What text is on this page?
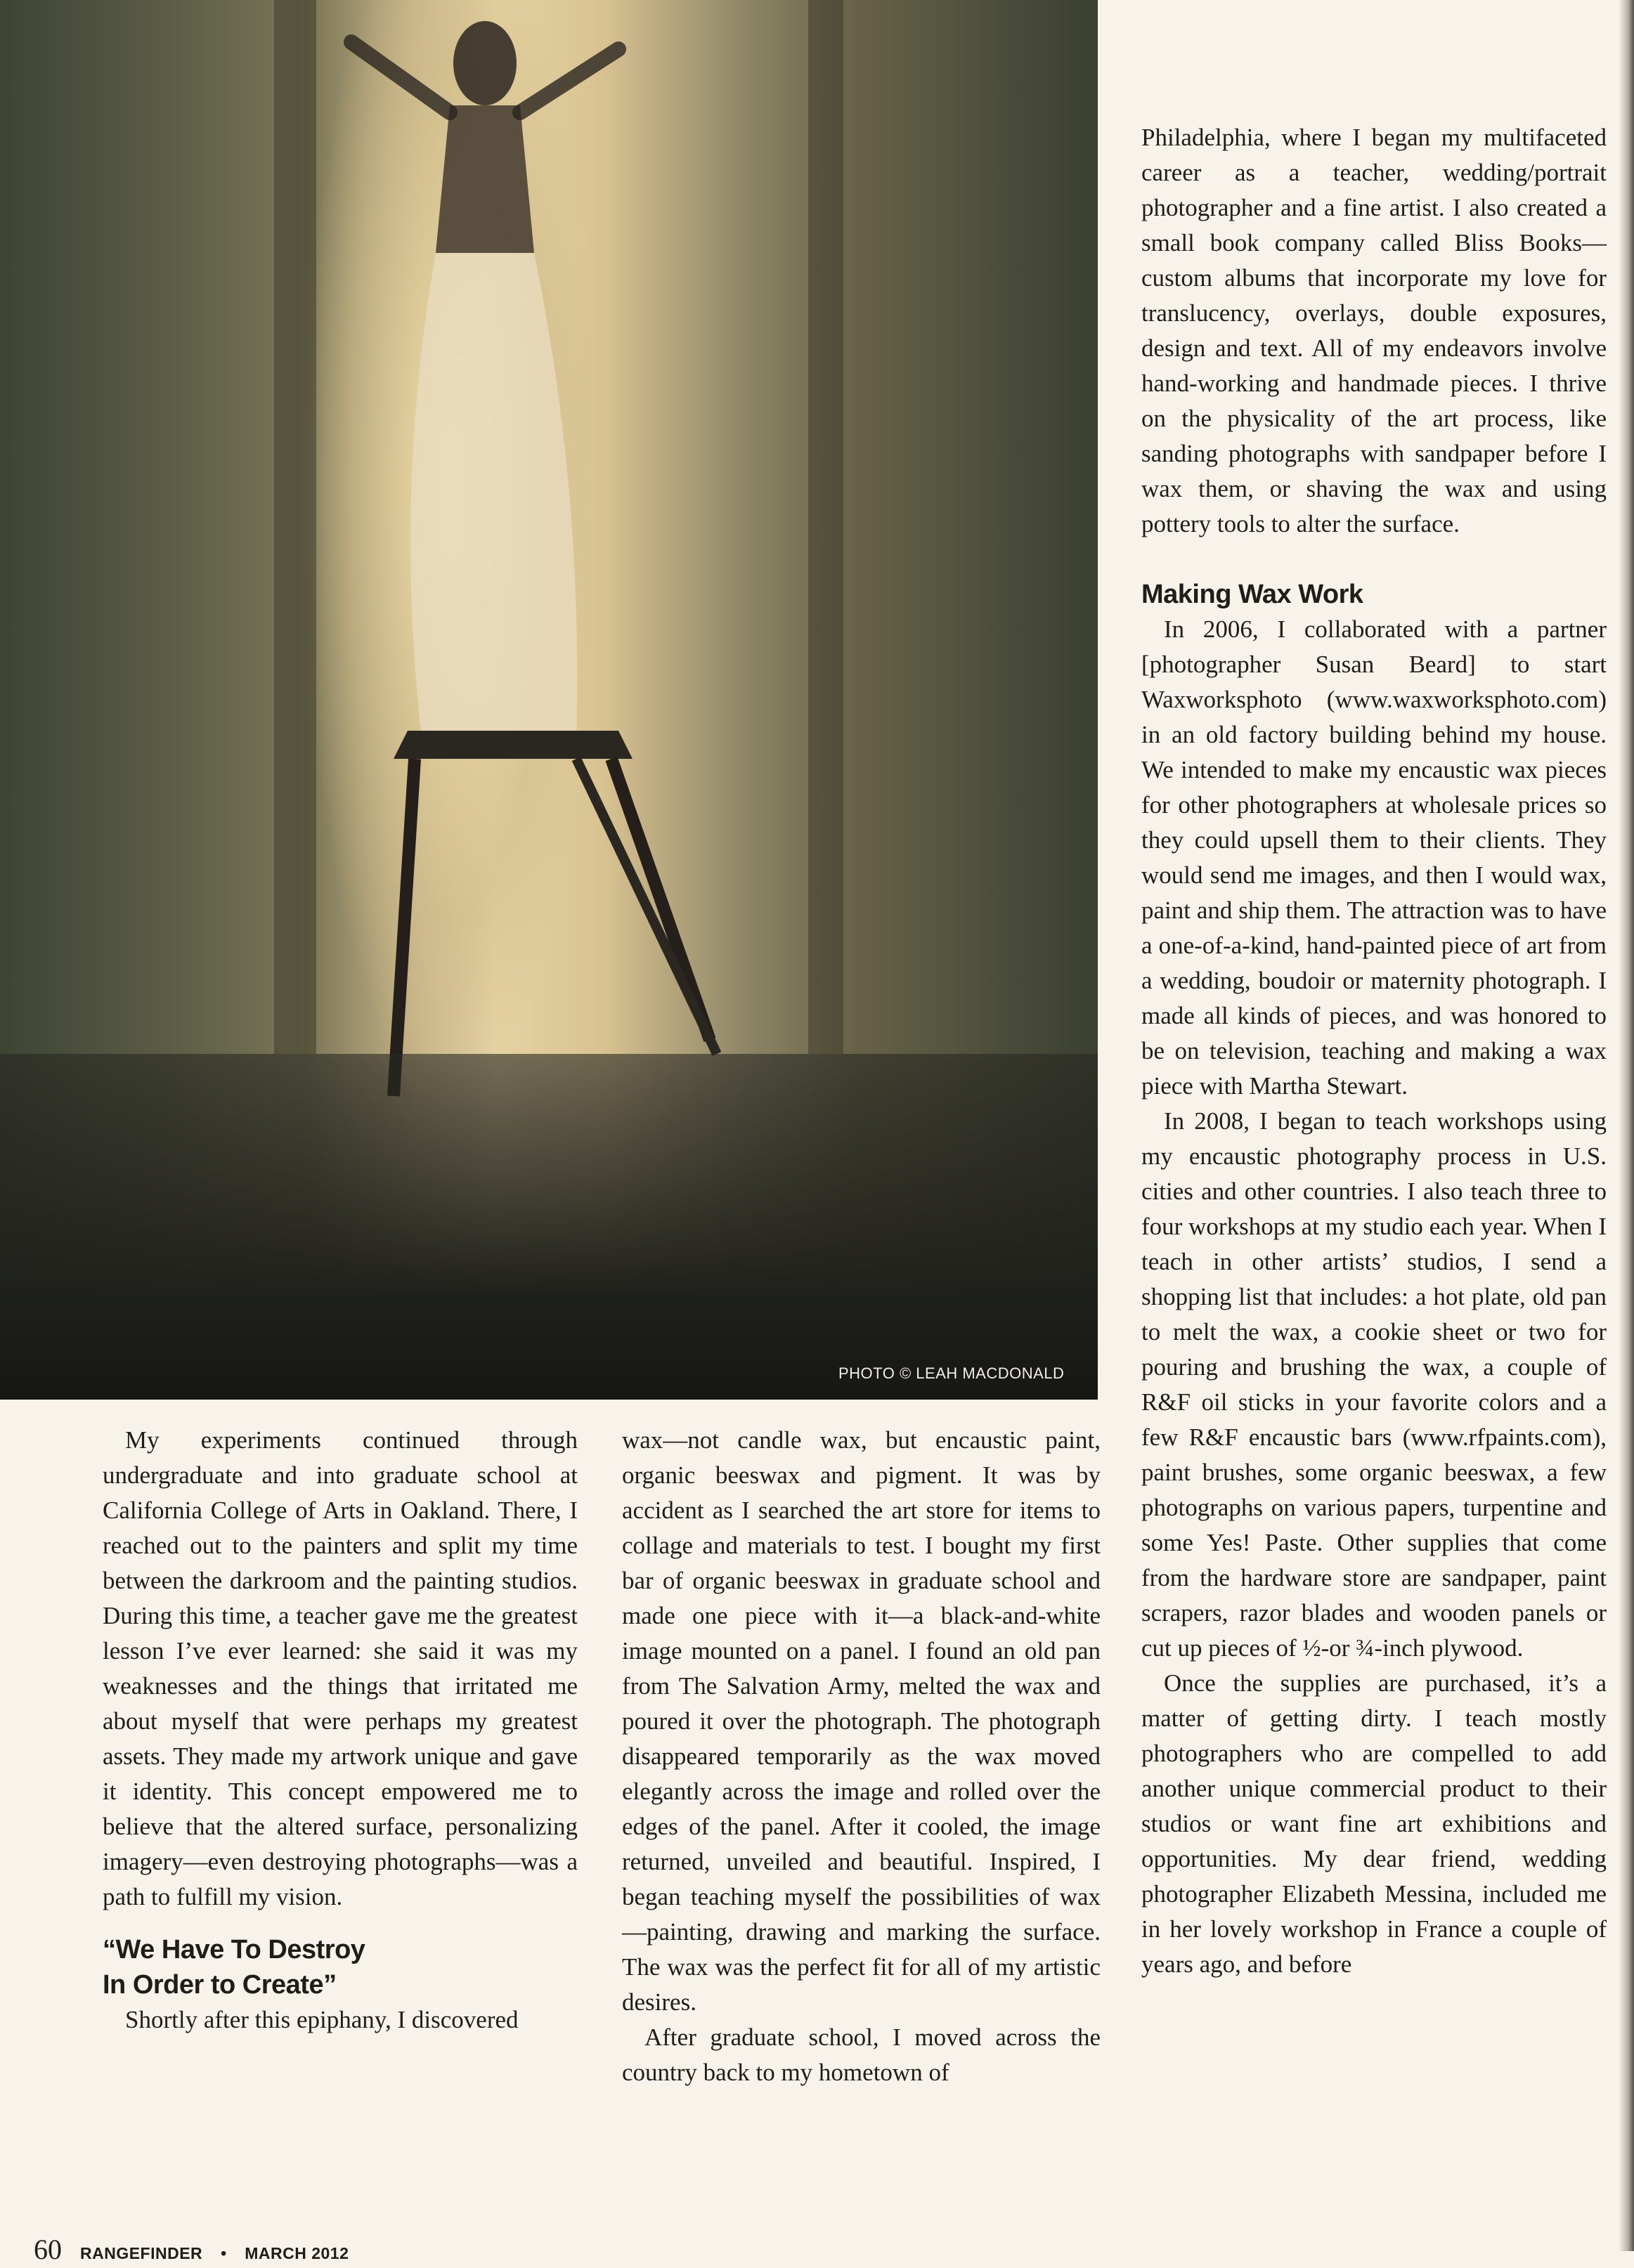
PHOTO © LEAH MACDONALD

My experiments continued through undergraduate and into graduate school at California College of Arts in Oakland. There, I reached out to the painters and split my time between the darkroom and the painting studios. During this time, a teacher gave me the greatest lesson I’ve ever learned: she said it was my weaknesses and the things that irritated me about myself that were perhaps my greatest assets. They made my artwork unique and gave it identity. This concept empowered me to believe that the altered surface, personalizing imagery—even destroying photographs—was a path to fulfill my vision.

“We Have To Destroy
In Order to Create”

Shortly after this epiphany, I discovered

wax—not candle wax, but encaustic paint, organic beeswax and pigment. It was by accident as I searched the art store for items to collage and materials to test. I bought my first bar of organic beeswax in graduate school and made one piece with it—a black-and-white image mounted on a panel. I found an old pan from The Salvation Army, melted the wax and poured it over the photograph. The photograph disappeared temporarily as the wax moved elegantly across the image and rolled over the edges of the panel. After it cooled, the image returned, unveiled and beautiful. Inspired, I began teaching myself the possibilities of wax—painting, drawing and marking the surface. The wax was the perfect fit for all of my artistic desires.

After graduate school, I moved across the country back to my hometown of

Philadelphia, where I began my multifaceted career as a teacher, wedding/portrait photographer and a fine artist. I also created a small book company called Bliss Books—custom albums that incorporate my love for translucency, overlays, double exposures, design and text. All of my endeavors involve hand-working and handmade pieces. I thrive on the physicality of the art process, like sanding photographs with sandpaper before I wax them, or shaving the wax and using pottery tools to alter the surface.

Making Wax Work

In 2006, I collaborated with a partner [photographer Susan Beard] to start Waxworksphoto (www.waxworksphoto.com) in an old factory building behind my house. We intended to make my encaustic wax pieces for other photographers at wholesale prices so they could upsell them to their clients. They would send me images, and then I would wax, paint and ship them. The attraction was to have a one-of-a-kind, hand-painted piece of art from a wedding, boudoir or maternity photograph. I made all kinds of pieces, and was honored to be on television, teaching and making a wax piece with Martha Stewart.

In 2008, I began to teach workshops using my encaustic photography process in U.S. cities and other countries. I also teach three to four workshops at my studio each year. When I teach in other artists’ studios, I send a shopping list that includes: a hot plate, old pan to melt the wax, a cookie sheet or two for pouring and brushing the wax, a couple of R&F oil sticks in your favorite colors and a few R&F encaustic bars (www.rfpaints.com), paint brushes, some organic beeswax, a few photographs on various papers, turpentine and some Yes! Paste. Other supplies that come from the hardware store are sandpaper, paint scrapers, razor blades and wooden panels or cut up pieces of ½-or ¾-inch plywood.

Once the supplies are purchased, it’s a matter of getting dirty. I teach mostly photographers who are compelled to add another unique commercial product to their studios or want fine art exhibitions and opportunities. My dear friend, wedding photographer Elizabeth Messina, included me in her lovely workshop in France a couple of years ago, and before

60 RANGEFINDER • MARCH 2012
